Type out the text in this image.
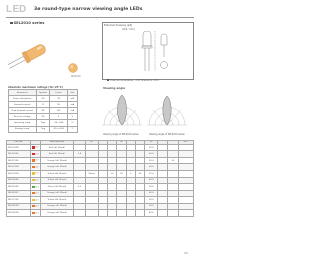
L E D 3ø round-type narrow viewing angle LEDs
SEL2010 series
SEL2010
External drawing (φ3)
(Unit : mm)
External dimensions : mm Tolerance: ±0.3
Absolute maximum ratings (Ta=25°C)
Parameter	Symbol	Limits	Unit
Power dissipation	PD	78	mW
Forward current	IF	30	mA
Peak forward current	IFP	100	mA
Reverse voltage	VR	5	V
Operating temp.	Topr	-25~+80	°C
Storage temp.	Tstg	-30~+100	°C
Viewing angle
Viewing angle of SEL2010 series	Viewing angle of SEL2010 series
Part No.		Emitting color		VF			λP			IV			2θ½
SEL2010R	0.7	Red (dif. Mixed)								30.0			
SEL2010E	0.7	Red (dif. Mixed)	1.8							60.0			
SEL2110E	0.7	Orange (dif. Mixed)								55.0		30	
SEL2210D	0.7	Orange (dif. Mixed)								60.0			
SEL2310D	0.7	Yellow (dif. Mixed)		Yellow		2.0	20	5	30	25.0			
SEL2410E	0.7	Yellow (dif. Mixed)								60.0			
SEL2510E	0.7	Green (dif. Mixed)	2.0							30.0			
SEL2610C	0.7	Orange (dif. Mixed)								60.0			
SEL2710K	0.7	Yellow (dif. Mixed)								30.0			
SEL2810D	0.7	Orange (dif. Mixed)								90.0			
SEL2910D	0.7	Orange (dif. Mixed)								40.0			
23
